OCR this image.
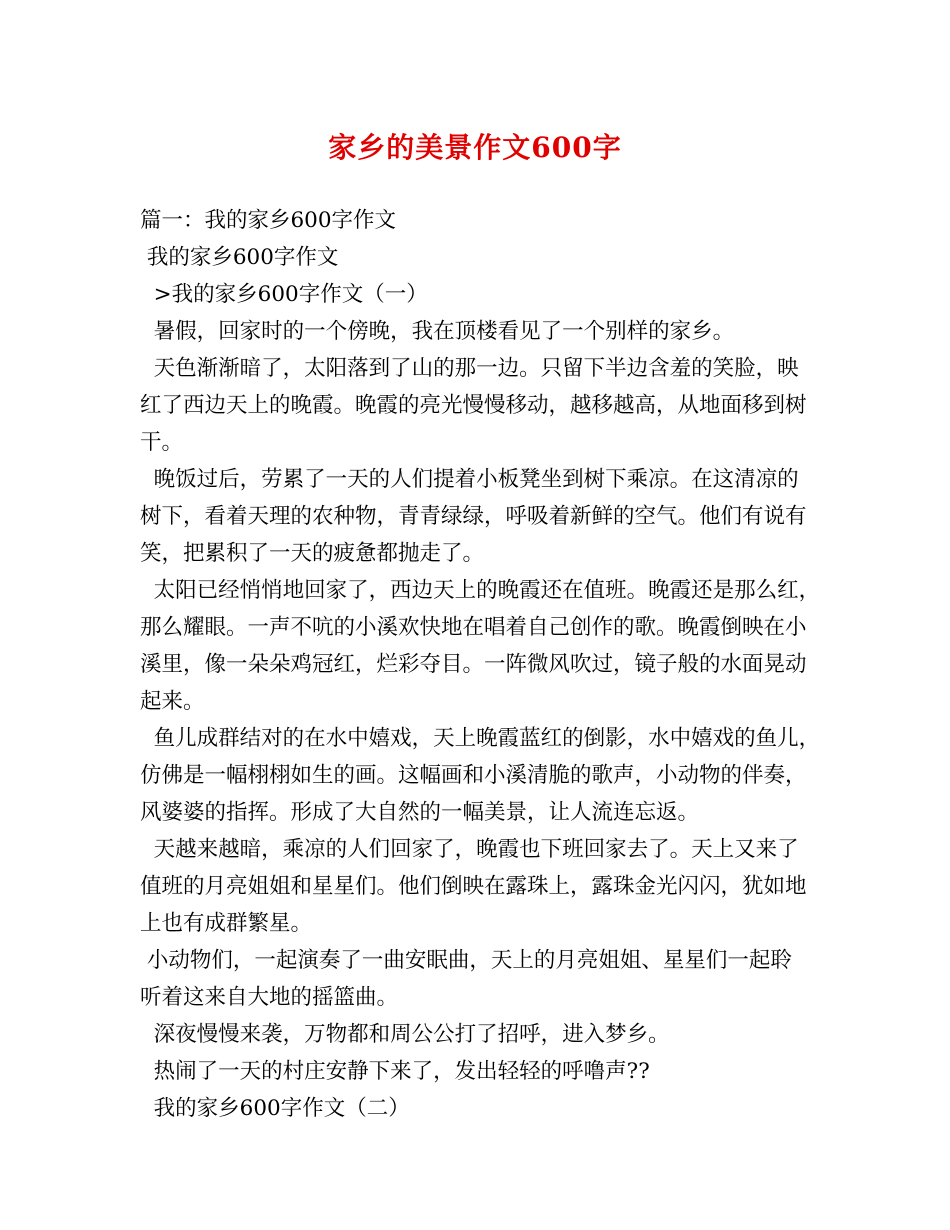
家乡的美景作文600字
篇一：我的家乡600字作文
我的家乡600字作文
>我的家乡600字作文（一）
暑假，回家时的一个傍晚，我在顶楼看见了一个别样的家乡。
天色渐渐暗了，太阳落到了山的那一边。只留下半边含羞的笑脸，映
红了西边天上的晚霞。晚霞的亮光慢慢移动，越移越高，从地面移到树
干。
晚饭过后，劳累了一天的人们提着小板凳坐到树下乘凉。在这清凉的
树下，看着天理的农种物，青青绿绿，呼吸着新鲜的空气。他们有说有
笑，把累积了一天的疲惫都抛走了。
太阳已经悄悄地回家了，西边天上的晚霞还在值班。晚霞还是那么红，
那么耀眼。一声不吭的小溪欢快地在唱着自己创作的歌。晚霞倒映在小
溪里，像一朵朵鸡冠红，烂彩夺目。一阵微风吹过，镜子般的水面晃动
起来。
鱼儿成群结对的在水中嬉戏，天上晚霞蓝红的倒影，水中嬉戏的鱼儿，
仿佛是一幅栩栩如生的画。这幅画和小溪清脆的歌声，小动物的伴奏，
风婆婆的指挥。形成了大自然的一幅美景，让人流连忘返。
天越来越暗，乘凉的人们回家了，晚霞也下班回家去了。天上又来了
值班的月亮姐姐和星星们。他们倒映在露珠上，露珠金光闪闪，犹如地
上也有成群繁星。
小动物们，一起演奏了一曲安眠曲，天上的月亮姐姐、星星们一起聆
听着这来自大地的摇篮曲。
深夜慢慢来袭，万物都和周公公打了招呼，进入梦乡。
热闹了一天的村庄安静下来了，发出轻轻的呼噜声??
我的家乡600字作文（二）
